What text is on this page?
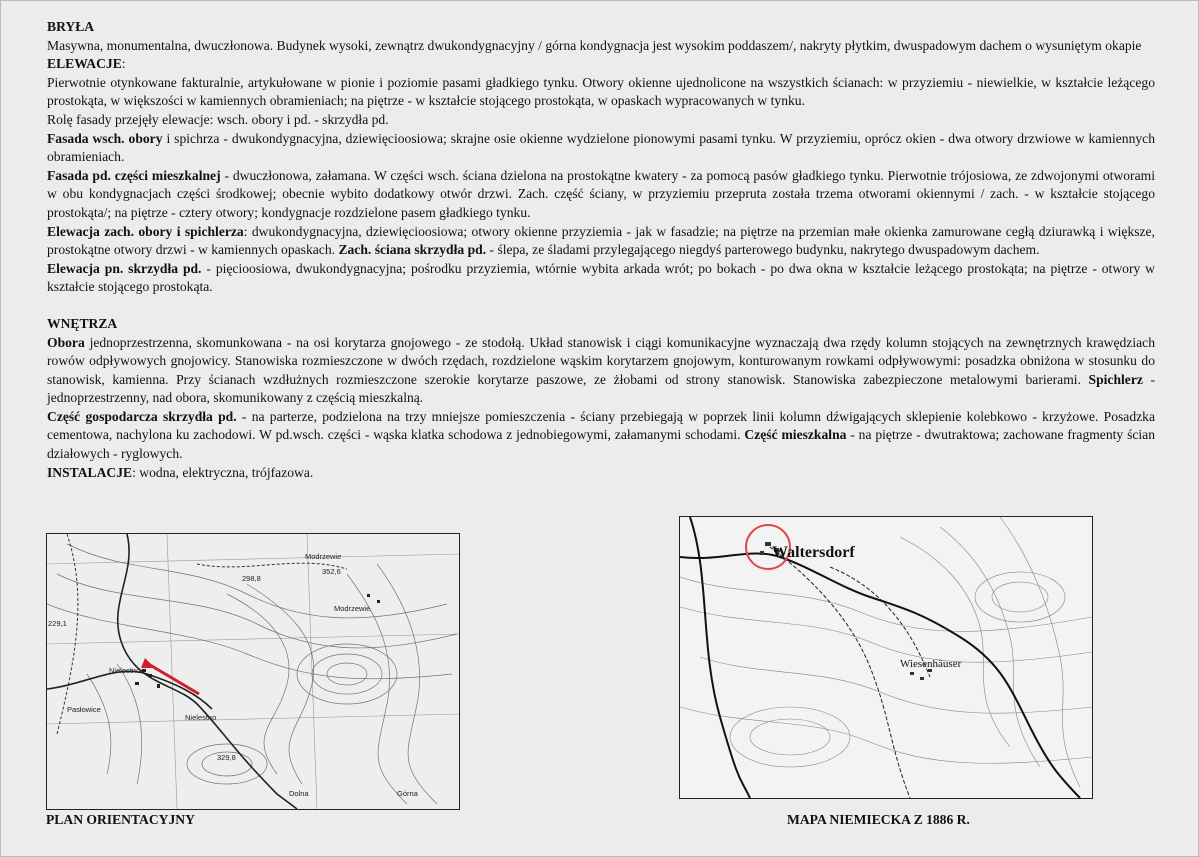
BRYŁA

Masywna, monumentalna, dwuczłonowa. Budynek wysoki, zewnątrz dwukondygnacyjny / górna kondygnacja jest wysokim poddaszem/, nakryty płytkim, dwuspadowym dachem o wysuniętym okapie

ELEWACJE:

Pierwotnie otynkowane fakturalnie, artykułowane w pionie i poziomie pasami gładkiego tynku. Otwory okienne ujednolicone na wszystkich ścianach: w przyziemiu - niewielkie, w kształcie leżącego prostokąta, w większości w kamiennych obramieniach; na piętrze - w kształcie stojącego prostokąta, w opaskach wypracowanych w tynku.

Rolę fasady przejęły elewacje: wsch. obory i pd. - skrzydła pd.

Fasada wsch. obory i spichrza - dwukondygnacyjna, dziewięcioosiowa; skrajne osie okienne wydzielone pionowymi pasami tynku. W przyziemiu, oprócz okien - dwa otwory drzwiowe w kamiennych obramieniach.

Fasada pd. części mieszkalnej - dwuczłonowa, załamana. W części wsch. ściana dzielona na prostokątne kwatery - za pomocą pasów gładkiego tynku. Pierwotnie trójosiowa, ze zdwojonymi otworami w obu kondygnacjach części środkowej; obecnie wybito dodatkowy otwór drzwi. Zach. część ściany, w przyziemiu przepruta została trzema otworami okiennymi / zach. - w kształcie stojącego prostokąta/; na piętrze - cztery otwory; kondygnacje rozdzielone pasem gładkiego tynku.

Elewacja zach. obory i spichlerza: dwukondygnacyjna, dziewięcioosiowa; otwory okienne przyziemia - jak w fasadzie; na piętrze na przemian małe okienka zamurowane cegłą dziurawką i większe, prostokątne otwory drzwi - w kamiennych opaskach. Zach. ściana skrzydła pd. - ślepa, ze śladami przylegającego niegdyś parterowego budynku, nakrytego dwuspadowym dachem.

Elewacja pn. skrzydła pd. - pięcioosiowa, dwukondygnacyjna; pośrodku przyziemia, wtórnie wybita arkada wrót; po bokach - po dwa okna w kształcie leżącego prostokąta; na piętrze - otwory w kształcie stojącego prostokąta.

WNĘTRZA

Obora jednoprzestrzenna, skomunkowana - na osi korytarza gnojowego - ze stodołą. Układ stanowisk i ciągi komunikacyjne wyznaczają dwa rzędy kolumn stojących na zewnętrznych krawędziach rowów odpływowych gnojowicy. Stanowiska rozmieszczone w dwóch rzędach, rozdzielone wąskim korytarzem gnojowym, konturowanym rowkami odpływowymi: posadzka obniżona w stosunku do stanowisk, kamienna. Przy ścianach wzdłużnych rozmieszczone szerokie korytarze paszowe, ze żłobami od strony stanowisk. Stanowiska zabezpieczone metalowymi barierami. Spichlerz - jednoprzestrzenny, nad obora, skomunikowany z częścią mieszkalną.

Część gospodarcza skrzydła pd. - na parterze, podzielona na trzy mniejsze pomieszczenia - ściany przebiegają w poprzek linii kolumn dźwigających sklepienie kolebkowo - krzyżowe. Posadzka cementowa, nachylona ku zachodowi. W pd.wsch. części - wąska klatka schodowa z jednobiegowymi, załamanymi schodami. Część mieszkalna - na piętrze - dwutraktowa; zachowane fragmenty ścian działowych - ryglowych.

INSTALACJE: wodna, elektryczna, trójfazowa.

298,8
352,6
Modrzewie
Modrzewie
Nielestno
Nielestno
Pasłowice
229,1
329,8
Dolna	Górna
Waltersdorf
Wiesenhäuser
PLAN ORIENTACYJNY	MAPA NIEMIECKA Z 1886 R.
